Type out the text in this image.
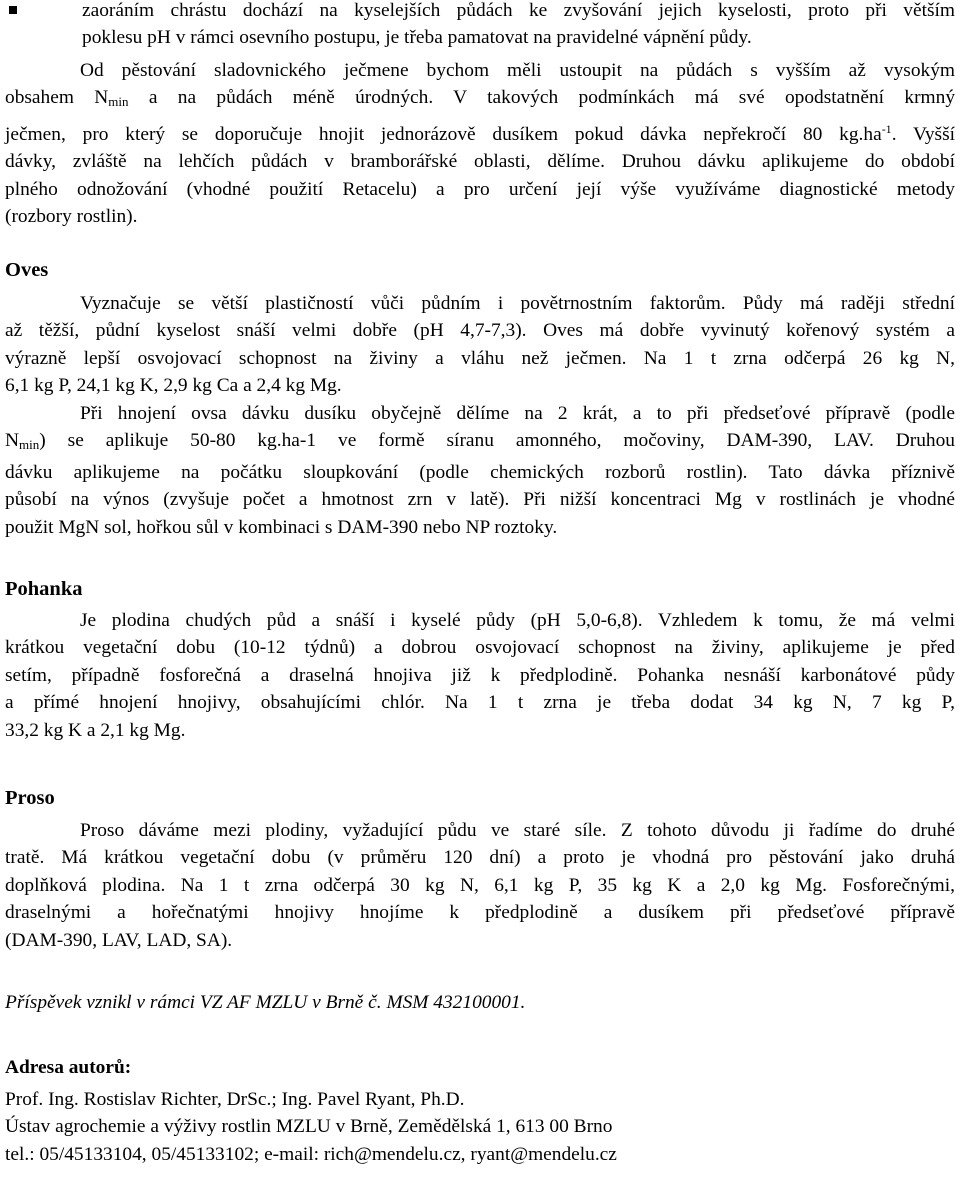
zaoráním chrástu dochází na kyselejších půdách ke zvyšování jejich kyselosti, proto při větším
poklesu pH v rámci osevního postupu, je třeba pamatovat na pravidelné vápnění půdy.
Od pěstování sladovnického ječmene bychom měli ustoupit na půdách s vyšším až vysokým
obsahem $N_{min}$ a na půdách méně úrodných. V takových podmínkách má své opodstatnění krmný
ječmen, pro který se doporučuje hnojit jednorázově dusíkem pokud dávka nepřekročí 80 $kg.ha^{-1}$. Vyšší
dávky, zvláště na lehčích půdách v bramborářské oblasti, dělíme. Druhou dávku aplikujeme do období
plného odnožování (vhodné použití Retacelu) a pro určení její výše využíváme diagnostické metody
(rozbory rostlin).
Oves
Vyznačuje se větší plastičností vůči půdním i povětrnostním faktorům. Půdy má raději střední
až těžší, půdní kyselost snáší velmi dobře (pH 4,7-7,3). Oves má dobře vyvinutý kořenový systém a
výrazně lepší osvojovací schopnost na živiny a vláhu než ječmen. Na 1 t zrna odčerpá 26 kg N,
6,1 kg P, 24,1 kg K, 2,9 kg Ca a 2,4 kg Mg.
Při hnojení ovsa dávku dusíku obyčejně dělíme na 2 krát, a to při předseťové přípravě (podle
$N_{min}$) se aplikuje 50-80 kg.ha-1 ve formě síranu amonného, močoviny, DAM-390, LAV. Druhou
dávku aplikujeme na počátku sloupkování (podle chemických rozborů rostlin). Tato dávka příznivě
působí na výnos (zvyšuje počet a hmotnost zrn v latě). Při nižší koncentraci Mg v rostlinách je vhodné
použit MgN sol, hořkou sůl v kombinaci s DAM-390 nebo NP roztoky.
Pohanka
Je plodina chudých půd a snáší i kyselé půdy (pH 5,0-6,8). Vzhledem k tomu, že má velmi
krátkou vegetační dobu (10-12 týdnů) a dobrou osvojovací schopnost na živiny, aplikujeme je před
setím, případně fosforečná a draselná hnojiva již k předplodině. Pohanka nesnáší karbonátové půdy
a přímé hnojení hnojivy, obsahujícími chlór. Na 1 t zrna je třeba dodat 34 kg N, 7 kg P,
33,2 kg K a 2,1 kg Mg.
Proso
Proso dáváme mezi plodiny, vyžadující půdu ve staré síle. Z tohoto důvodu ji řadíme do druhé
tratě. Má krátkou vegetační dobu (v průměru 120 dní) a proto je vhodná pro pěstování jako druhá
doplňková plodina. Na 1 t zrna odčerpá 30 kg N, 6,1 kg P, 35 kg K a 2,0 kg Mg. Fosforečnými,
draselnými a hořečnatými hnojivy hnojíme k předplodině a dusíkem při předseťové přípravě
(DAM-390, LAV, LAD, SA).
Příspěvek vznikl v rámci VZ AF MZLU v Brně č. MSM 432100001.
Adresa autorů:
Prof. Ing. Rostislav Richter, DrSc.; Ing. Pavel Ryant, Ph.D.
Ústav agrochemie a výživy rostlin MZLU v Brně, Zemědělská 1, 613 00 Brno
tel.: 05/45133104, 05/45133102; e-mail: rich@mendelu.cz, ryant@mendelu.cz
